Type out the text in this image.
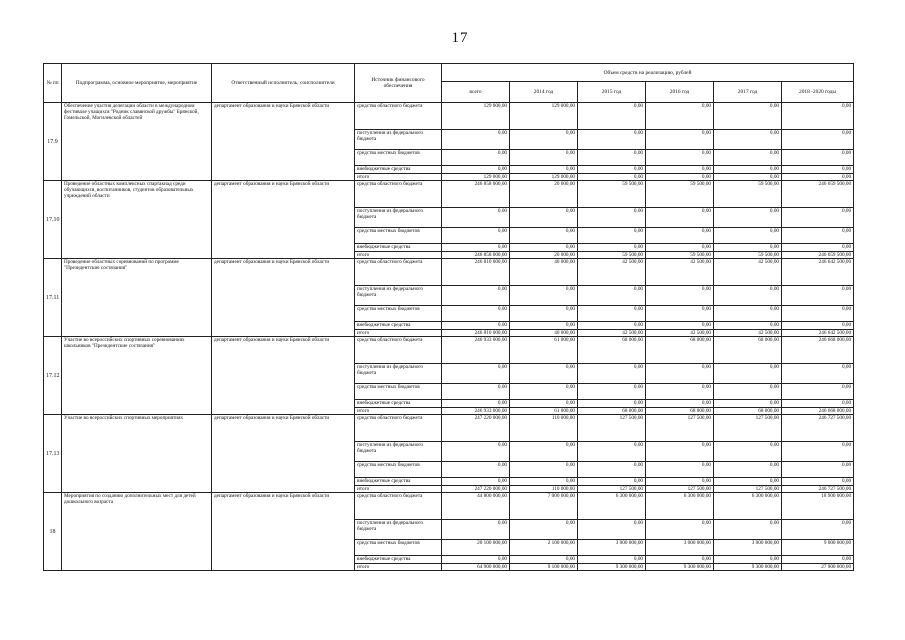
17
№ пп	Подпрограмма, основное мероприятие, мероприятие	Ответственный исполнитель, соисполнители	Источник финансового обеспечения	Объем средств на реализацию, рублей					
				всего	2014 год	2015 год	2016 год	2017 год	2018 -2020 годы
17.9	Обеспечение участия делегации области в международном фестивале учащихся "Родник славянской дружбы" Брянской, Гомельской, Могилевской областей	департамент образования и науки Брянской области	средства областного бюджета	129 000,00	129 000,00	0,00	0,00	0,00	0,00
			поступления из федерального бюджета	0,00	0,00	0,00	0,00	0,00	0,00
			средства местных бюджетов	0,00	0,00	0,00	0,00	0,00	0,00
			внебюджетные средства	0,00	0,00	0,00	0,00	0,00	0,00
			итого	129 000,00	129 000,00	0,00	0,00	0,00	0,00
17.10	Проведение областных комплексных спартакиад среди обучающихся, воспитанников, студентов образовательных учреждений области	департамент образования и науки Брянской области	средства областного бюджета	246 858 000,00	20 000,00	59 500,00	59 500,00	59 500,00	246 659 500,00
			поступления из федерального бюджета	0,00	0,00	0,00	0,00	0,00	0,00
			средства местных бюджетов	0,00	0,00	0,00	0,00	0,00	0,00
			внебюджетные средства	0,00	0,00	0,00	0,00	0,00	0,00
			итого	246 858 000,00	20 000,00	59 500,00	59 500,00	59 500,00	246 659 500,00
17.11	Проведение областных соревнований по программе "Президентские состязания"	департамент образования и науки Брянской области	средства областного бюджета	246 810 000,00	40 000,00	42 500,00	42 500,00	42 500,00	246 642 500,00
			поступления из федерального бюджета	0,00	0,00	0,00	0,00	0,00	0,00
			средства местных бюджетов	0,00	0,00	0,00	0,00	0,00	0,00
			внебюджетные средства	0,00	0,00	0,00	0,00	0,00	0,00
			итого	246 810 000,00	40 000,00	42 500,00	42 500,00	42 500,00	246 642 500,00
17.12	Участие во всероссийских спортивных соревнованиях школьников "Президентские состязания"	департамент образования и науки Брянской области	средства областного бюджета	246 933 000,00	61 000,00	68 000,00	68 000,00	68 000,00	246 668 000,00
			поступления из федерального бюджета	0,00	0,00	0,00	0,00	0,00	0,00
			средства местных бюджетов	0,00	0,00	0,00	0,00	0,00	0,00
			внебюджетные средства	0,00	0,00	0,00	0,00	0,00	0,00
			итого	246 933 000,00	61 000,00	68 000,00	68 000,00	68 000,00	246 668 000,00
17.13	Участие во всероссийских спортивных мероприятиях	департамент образования и науки Брянской области	средства областного бюджета	247 220 000,00	110 000,00	127 500,00	127 500,00	127 500,00	246 727 500,00
			поступления из федерального бюджета	0,00	0,00	0,00	0,00	0,00	0,00
			средства местных бюджетов	0,00	0,00	0,00	0,00	0,00	0,00
			внебюджетные средства	0,00	0,00	0,00	0,00	0,00	0,00
			итого	247 220 000,00	110 000,00	127 500,00	127 500,00	127 500,00	246 727 500,00
18	Мероприятия по созданию дополнительных мест для детей дошкольного возраста	департамент образования и науки Брянской области	средства областного бюджета	44 800 000,00	7 000 000,00	6 300 000,00	6 300 000,00	6 300 000,00	18 900 000,00
			поступления из федерального бюджета	0,00	0,00	0,00	0,00	0,00	0,00
			средства местных бюджетов	20 100 000,00	2 100 000,00	3 000 000,00	3 000 000,00	3 000 000,00	9 000 000,00
			внебюджетные средства	0,00	0,00	0,00	0,00	0,00	0,00
			итого	64 900 000,00	9 100 000,00	9 300 000,00	9 300 000,00	9 300 000,00	27 900 000,00
